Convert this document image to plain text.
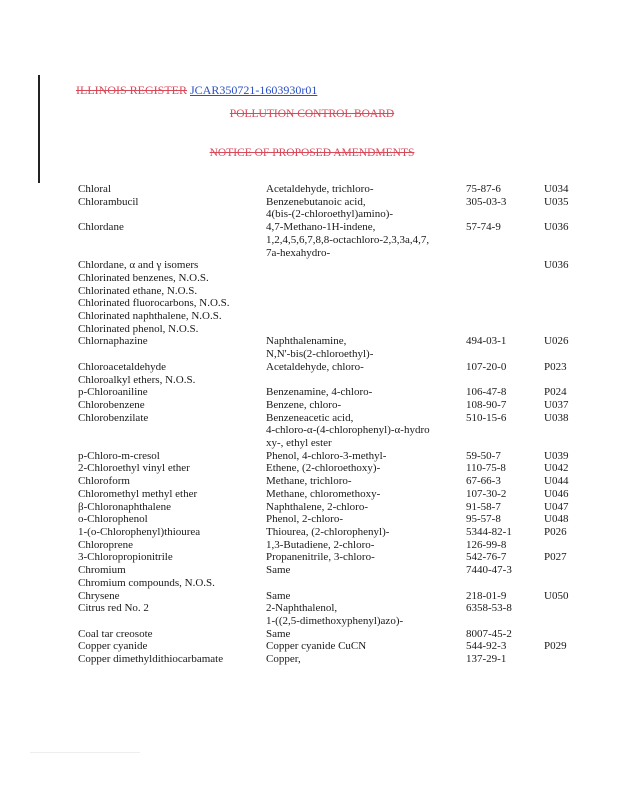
ILLINOIS REGISTER JCAR350721-1603930r01
POLLUTION CONTROL BOARD
NOTICE OF PROPOSED AMENDMENTS
Chloral	Acetaldehyde, trichloro-	75-87-6	U034
Chlorambucil	Benzenebutanoic acid,	305-03-3	U035
	4(bis-(2-chloroethyl)amino)-		
Chlordane	4,7-Methano-1H-indene,	57-74-9	U036
	1,2,4,5,6,7,8,8-octachloro-2,3,3a,4,7,		
	7a-hexahydro-		
Chlordane, α and γ isomers			U036
Chlorinated benzenes, N.O.S.			
Chlorinated ethane, N.O.S.			
Chlorinated fluorocarbons, N.O.S.			
Chlorinated naphthalene, N.O.S.			
Chlorinated phenol, N.O.S.			
Chlornaphazine	Naphthalenamine,	494-03-1	U026
	N,N'-bis(2-chloroethyl)-		
Chloroacetaldehyde	Acetaldehyde, chloro-	107-20-0	P023
Chloroalkyl ethers, N.O.S.			
p-Chloroaniline	Benzenamine, 4-chloro-	106-47-8	P024
Chlorobenzene	Benzene, chloro-	108-90-7	U037
Chlorobenzilate	Benzeneacetic acid,	510-15-6	U038
	4-chloro-α-(4-chlorophenyl)-α-hydro		
	xy-, ethyl ester		
p-Chloro-m-cresol	Phenol, 4-chloro-3-methyl-	59-50-7	U039
2-Chloroethyl vinyl ether	Ethene, (2-chloroethoxy)-	110-75-8	U042
Chloroform	Methane, trichloro-	67-66-3	U044
Chloromethyl methyl ether	Methane, chloromethoxy-	107-30-2	U046
β-Chloronaphthalene	Naphthalene, 2-chloro-	91-58-7	U047
o-Chlorophenol	Phenol, 2-chloro-	95-57-8	U048
1-(o-Chlorophenyl)thiourea	Thiourea, (2-chlorophenyl)-	5344-82-1	P026
Chloroprene	1,3-Butadiene, 2-chloro-	126-99-8	
3-Chloropropionitrile	Propanenitrile, 3-chloro-	542-76-7	P027
Chromium	Same	7440-47-3	
Chromium compounds, N.O.S.			
Chrysene	Same	218-01-9	U050
Citrus red No. 2	2-Naphthalenol,	6358-53-8	
	1-((2,5-dimethoxyphenyl)azo)-		
Coal tar creosote	Same	8007-45-2	
Copper cyanide	Copper cyanide CuCN	544-92-3	P029
Copper dimethyldithiocarbamate	Copper,	137-29-1	
